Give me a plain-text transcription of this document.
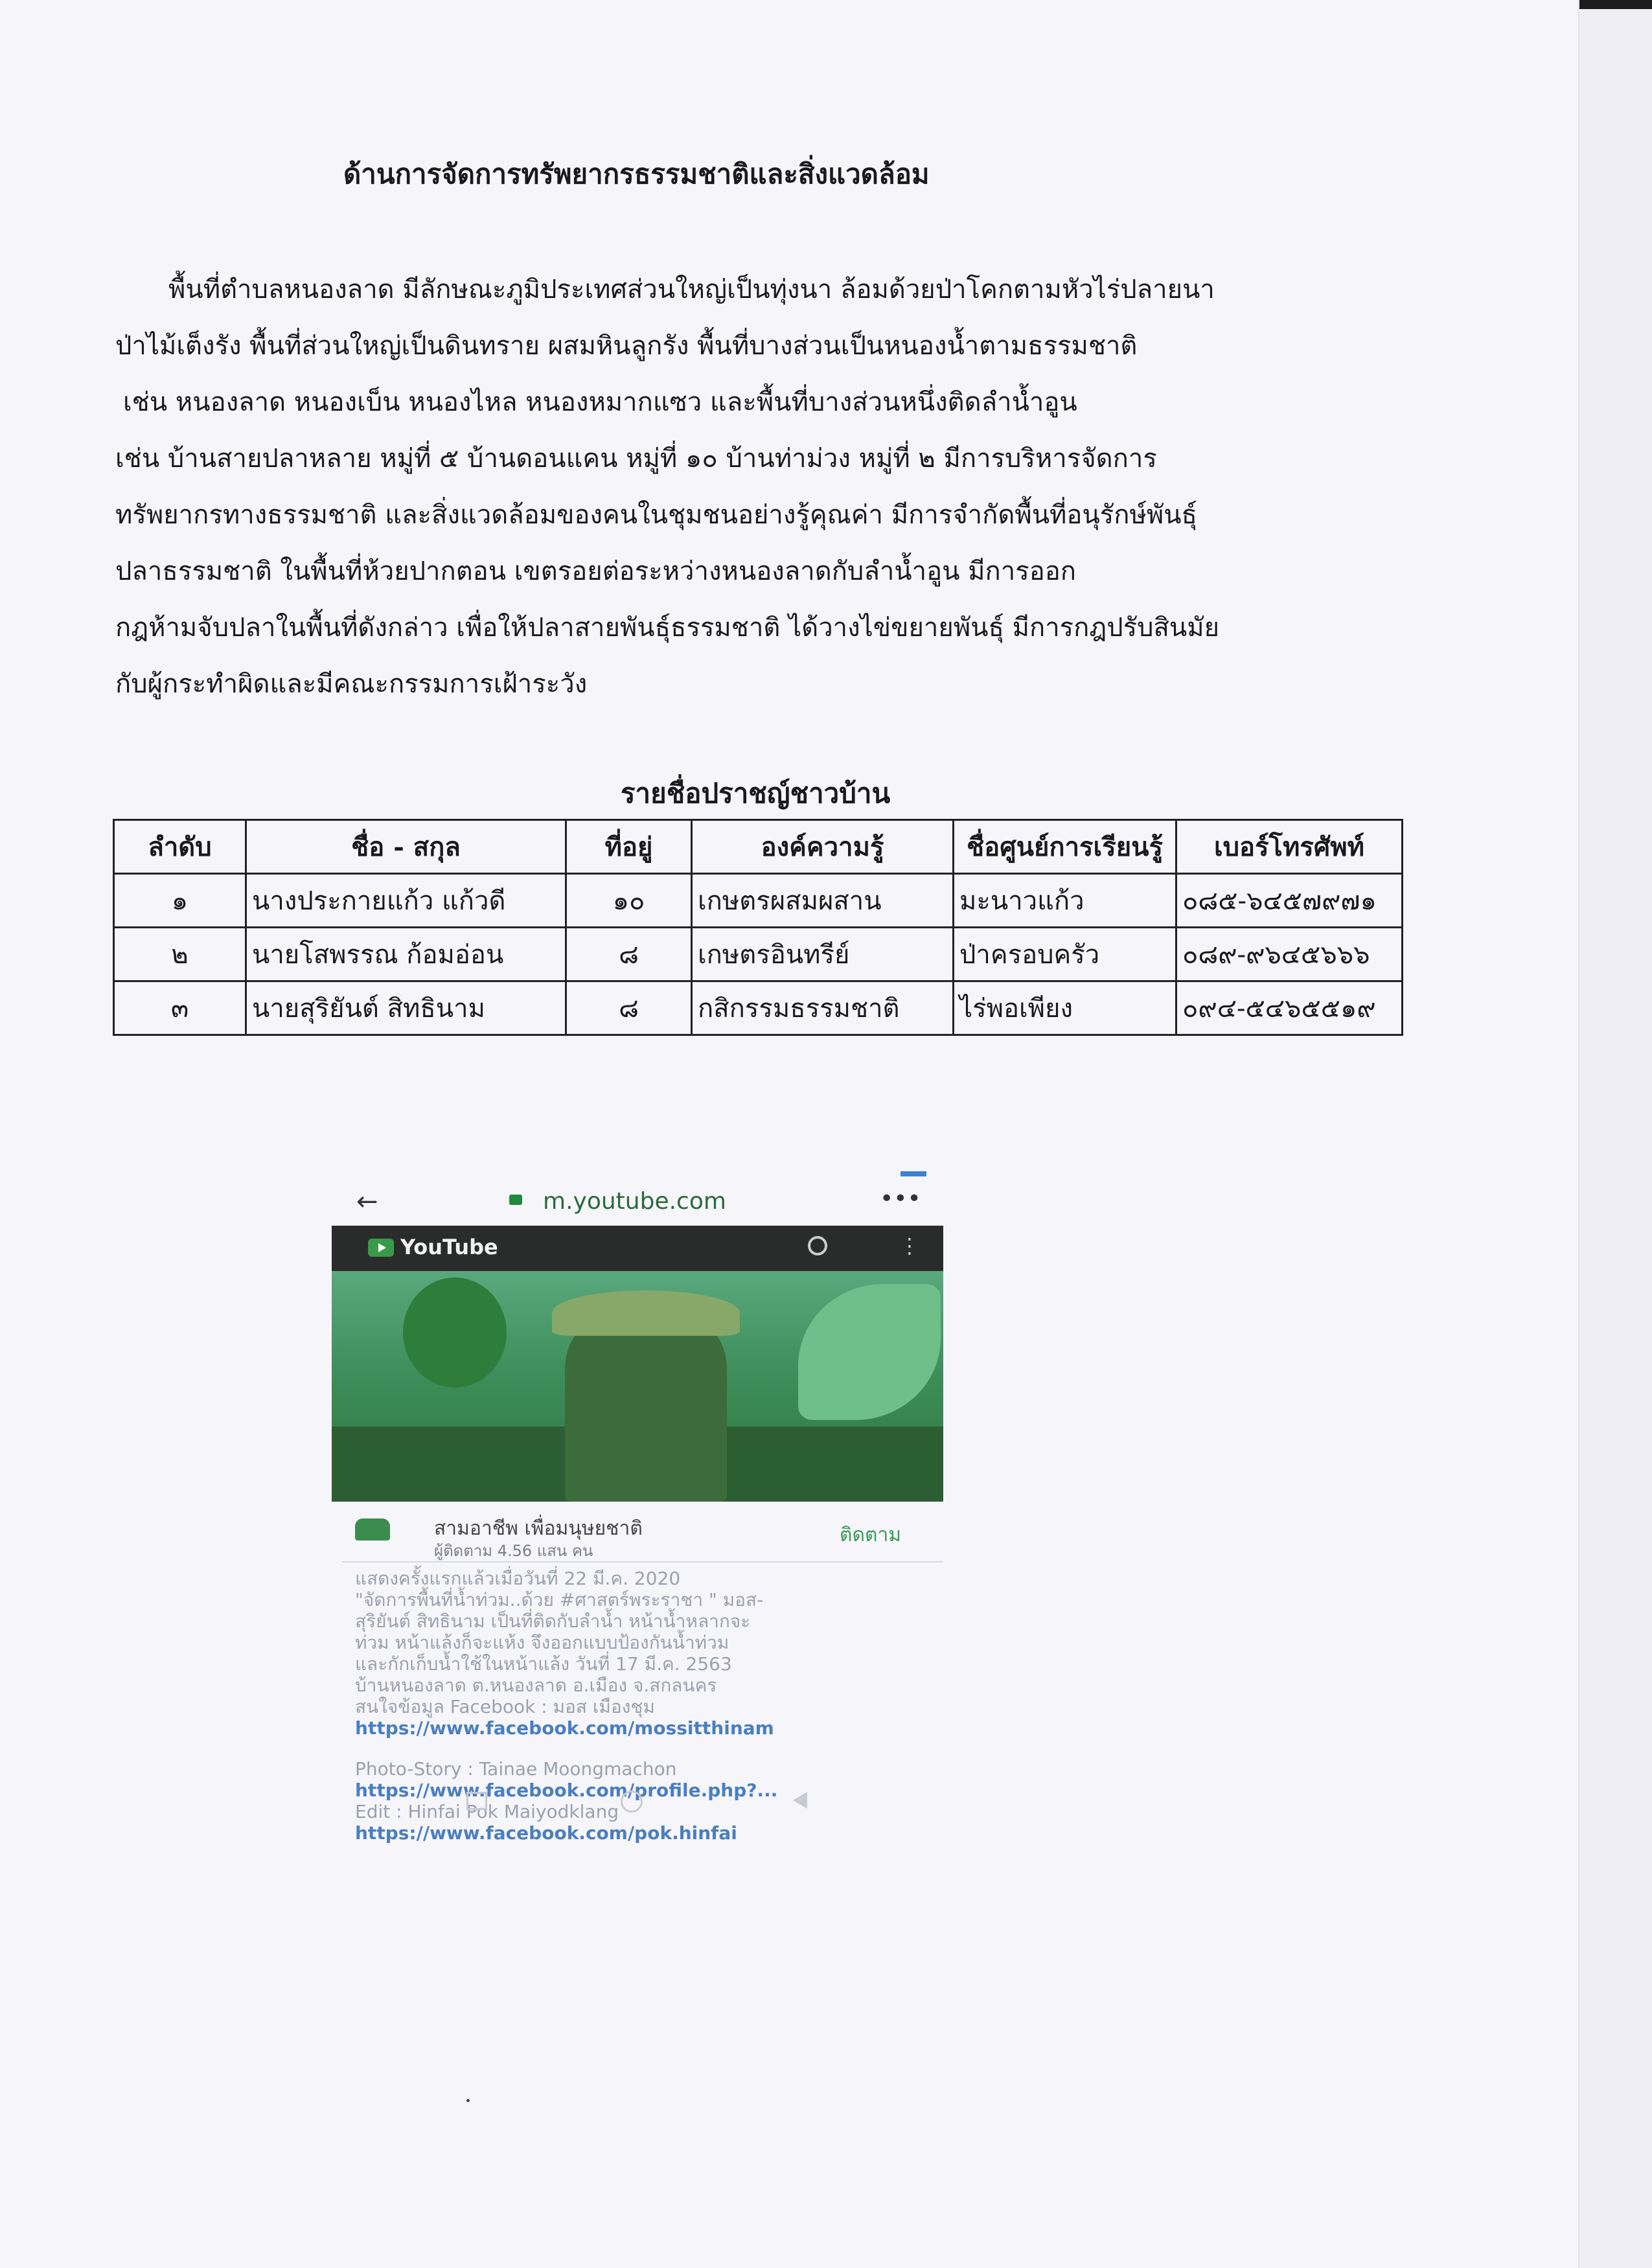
ด้านการจัดการทรัพยากรธรรมชาติและสิ่งแวดล้อม
พื้นที่ตำบลหนองลาด มีลักษณะภูมิประเทศส่วนใหญ่เป็นทุ่งนา ล้อมด้วยป่าโคกตามหัวไร่ปลายนา
ป่าไม้เต็งรัง พื้นที่ส่วนใหญ่เป็นดินทราย ผสมหินลูกรัง พื้นที่บางส่วนเป็นหนองน้ำตามธรรมชาติ
เช่น หนองลาด หนองเบ็น หนองไหล หนองหมากแซว และพื้นที่บางส่วนหนึ่งติดลำน้ำอูน
เช่น บ้านสายปลาหลาย หมู่ที่ ๕ บ้านดอนแคน หมู่ที่ ๑๐ บ้านท่าม่วง หมู่ที่ ๒ มีการบริหารจัดการ
ทรัพยากรทางธรรมชาติ และสิ่งแวดล้อมของคนในชุมชนอย่างรู้คุณค่า มีการจำกัดพื้นที่อนุรักษ์พันธุ์
ปลาธรรมชาติ ในพื้นที่ห้วยปากตอน เขตรอยต่อระหว่างหนองลาดกับลำน้ำอูน มีการออก
กฎห้ามจับปลาในพื้นที่ดังกล่าว เพื่อให้ปลาสายพันธุ์ธรรมชาติ ได้วางไข่ขยายพันธุ์ มีการกฎปรับสินมัย
กับผู้กระทำผิดและมีคณะกรรมการเฝ้าระวัง
รายชื่อปราชญ์ชาวบ้าน
ลำดับ	ชื่อ - สกุล	ที่อยู่	องค์ความรู้	ชื่อศูนย์การเรียนรู้	เบอร์โทรศัพท์
๑	นางประกายแก้ว แก้วดี	๑๐	เกษตรผสมผสาน	มะนาวแก้ว	๐๘๕-๖๔๕๗๙๗๑
๒	นายโสพรรณ ก้อมอ่อน	๘	เกษตรอินทรีย์	ป่าครอบครัว	๐๘๙-๙๖๔๕๖๖๖
๓	นายสุริยันต์ สิทธินาม	๘	กสิกรรมธรรมชาติ	ไร่พอเพียง	๐๙๔-๕๔๖๕๕๑๙
←	m.youtube.com	•••
YouTube	⋮
สามอาชีพ เพื่อมนุษยชาติ
ผู้ติดตาม 4.56 แสน คน
ติดตาม
แสดงครั้งแรกแล้วเมื่อวันที่ 22 มี.ค. 2020
"จัดการพื้นที่น้ำท่วม..ด้วย #ศาสตร์พระราชา " มอส-
สุริยันต์ สิทธินาม เป็นที่ติดกับลำน้ำ หน้าน้ำหลากจะ
ท่วม หน้าแล้งก็จะแห้ง จึงออกแบบป้องกันน้ำท่วม
และกักเก็บน้ำใช้ในหน้าแล้ง วันที่ 17 มี.ค. 2563
บ้านหนองลาด ต.หนองลาด อ.เมือง จ.สกลนคร
สนใจข้อมูล Facebook : มอส เมืองชุม
https://www.facebook.com/mossitthinam
Photo-Story : Tainae Moongmachon
https://www.facebook.com/profile.php?...
Edit : Hinfai Pok Maiyodklang
https://www.facebook.com/pok.hinfai
